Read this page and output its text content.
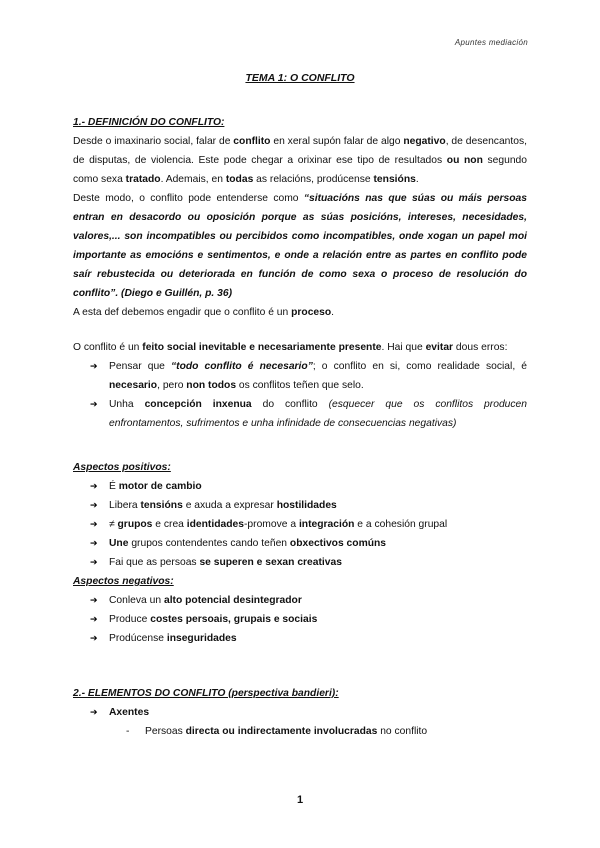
Apuntes mediación
TEMA 1: O CONFLITO
1.- DEFINICIÓN DO CONFLITO:
Desde o imaxinario social, falar de conflito en xeral supón falar de algo negativo, de desencantos, de disputas, de violencia. Este pode chegar a orixinar ese tipo de resultados ou non segundo como sexa tratado. Ademais, en todas as relacións, prodúcense tensións.
Deste modo, o conflito pode entenderse como “situacións nas que súas ou máis persoas entran en desacordo ou oposición porque as súas posicións, intereses, necesidades, valores,... son incompatibles ou percibidos como incompatibles, onde xogan un papel moi importante as emocións e sentimentos, e onde a relación entre as partes en conflito pode saír rebustecida ou deteriorada en función de como sexa o proceso de resolución do conflito”. (Diego e Guillén, p. 36)
A esta def debemos engadir que o conflito é un proceso.
O conflito é un feito social inevitable e necesariamente presente. Hai que evitar dous erros:
➔ Pensar que “todo conflito é necesario”; o conflito en si, como realidade social, é necesario, pero non todos os conflitos teñen que selo.
➔ Unha concepción inxenua do conflito (esquecer que os conflitos producen enfrontamentos, sufrimentos e unha infinidade de consecuencias negativas)
Aspectos positivos:
➔ É motor de cambio
➔ Libera tensións e axuda a expresar hostilidades
➔ ≠ grupos e crea identidades-promove a integración e a cohesión grupal
➔ Une grupos contendentes cando teñen obxectivos comúns
➔ Fai que as persoas se superen e sexan creativas
Aspectos negativos:
➔ Conleva un alto potencial desintegrador
➔ Produce costes persoais, grupais e sociais
➔ Prodúcense inseguridades
2.- ELEMENTOS DO CONFLITO (perspectiva bandieri):
➔ Axentes
- Persoas directa ou indirectamente involucradas no conflito
1
